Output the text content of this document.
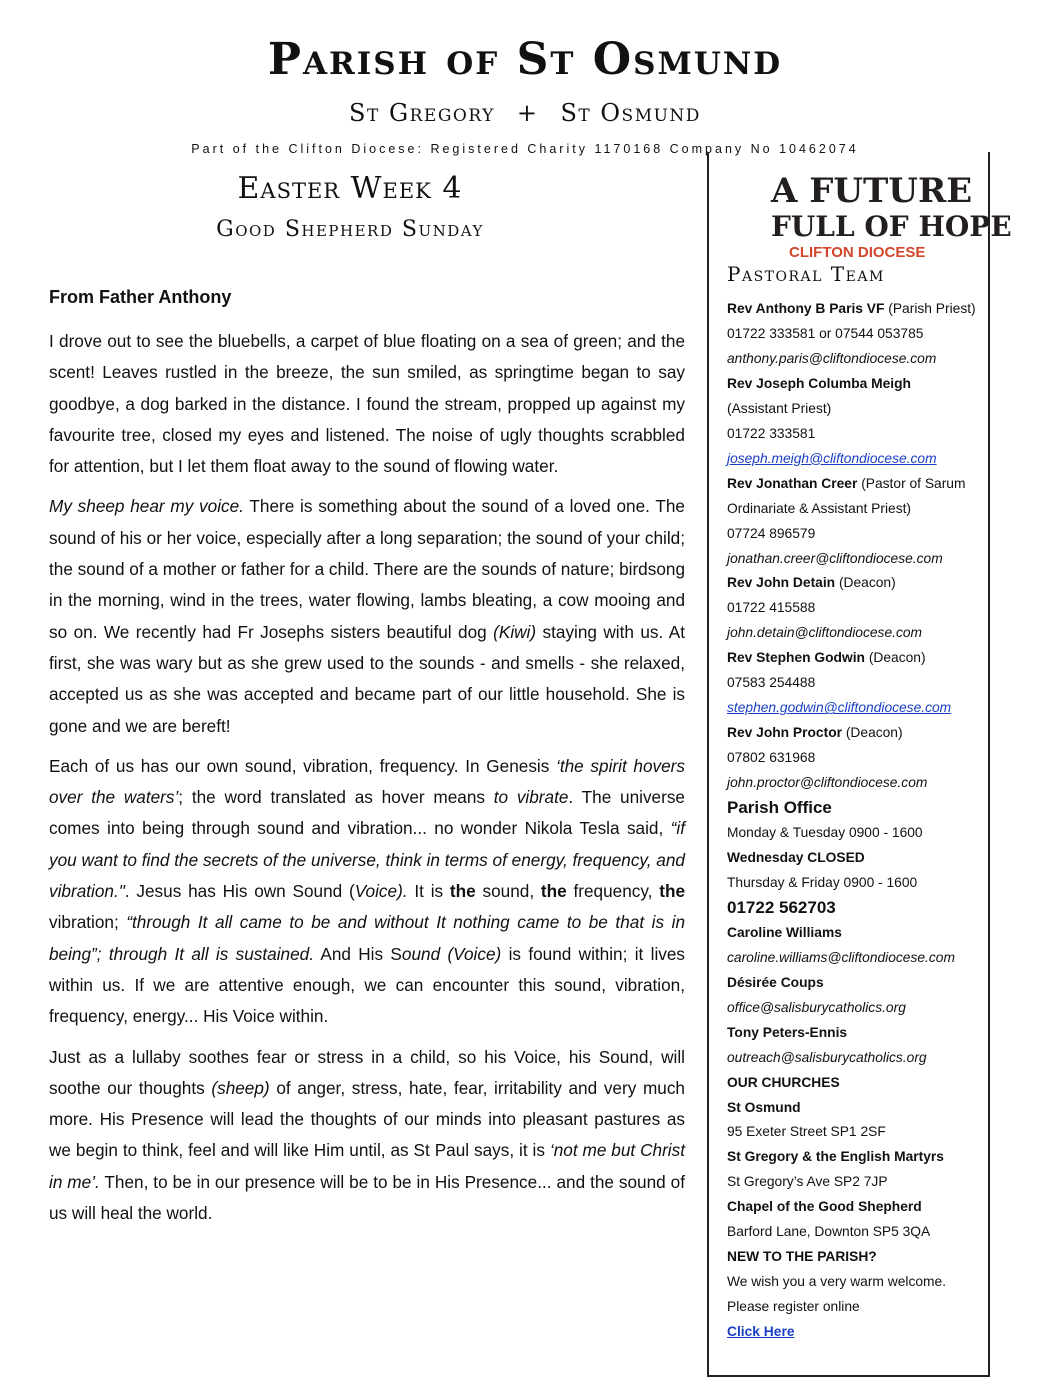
Parish of St Osmund
St Gregory + St Osmund
Part of the Clifton Diocese: Registered Charity 1170168 Company No 10462074
Easter Week 4
Good Shepherd Sunday
From Father Anthony

I drove out to see the bluebells, a carpet of blue floating on a sea of green; and the scent! Leaves rustled in the breeze, the sun smiled, as springtime began to say goodbye, a dog barked in the distance. I found the stream, propped up against my favourite tree, closed my eyes and listened. The noise of ugly thoughts scrabbled for attention, but I let them float away to the sound of flowing water.

My sheep hear my voice. There is something about the sound of a loved one. The sound of his or her voice, especially after a long separation; the sound of your child; the sound of a mother or father for a child. There are the sounds of nature; birdsong in the morning, wind in the trees, water flowing, lambs bleating, a cow mooing and so on. We recently had Fr Josephs sisters beautiful dog (Kiwi) staying with us. At first, she was wary but as she grew used to the sounds - and smells - she relaxed, accepted us as she was accepted and became part of our little household. She is gone and we are bereft!

Each of us has our own sound, vibration, frequency. In Genesis ‘the spirit hovers over the waters’; the word translated as hover means to vibrate. The universe comes into being through sound and vibration... no wonder Nikola Tesla said, “if you want to find the secrets of the universe, think in terms of energy, frequency, and vibration.". Jesus has His own Sound (Voice). It is the sound, the frequency, the vibration; “through It all came to be and without It nothing came to be that is in being”; through It all is sustained. And His Sound (Voice) is found within; it lives within us. If we are attentive enough, we can encounter this sound, vibration, frequency, energy... His Voice within.

Just as a lullaby soothes fear or stress in a child, so his Voice, his Sound, will soothe our thoughts (sheep) of anger, stress, hate, fear, irritability and very much more. His Presence will lead the thoughts of our minds into pleasant pastures as we begin to think, feel and will like Him until, as St Paul says, it is ‘not me but Christ in me’. Then, to be in our presence will be to be in His Presence... and the sound of us will heal the world.

A FUTURE
FULL OF HOPE
CLIFTON DIOCESE
Pastoral Team
Rev Anthony B Paris VF (Parish Priest)
01722 333581 or 07544 053785
anthony.paris@cliftondiocese.com
Rev Joseph Columba Meigh
(Assistant Priest)
01722 333581
joseph.meigh@cliftondiocese.com
Rev Jonathan Creer (Pastor of Sarum
Ordinariate & Assistant Priest)
07724 896579
jonathan.creer@cliftondiocese.com
Rev John Detain (Deacon)
01722 415588
john.detain@cliftondiocese.com
Rev Stephen Godwin (Deacon)
07583 254488
stephen.godwin@cliftondiocese.com
Rev John Proctor (Deacon)
07802 631968
john.proctor@cliftondiocese.com
Parish Office
Monday & Tuesday 0900 - 1600
Wednesday CLOSED
Thursday & Friday 0900 - 1600
01722 562703
Caroline Williams
caroline.williams@cliftondiocese.com
Désirée Coups
office@salisburycatholics.org
Tony Peters-Ennis
outreach@salisburycatholics.org
OUR CHURCHES
St Osmund
95 Exeter Street SP1 2SF
St Gregory & the English Martyrs
St Gregory’s Ave SP2 7JP
Chapel of the Good Shepherd
Barford Lane, Downton SP5 3QA
NEW TO THE PARISH?
We wish you a very warm welcome.
Please register online
Click Here
